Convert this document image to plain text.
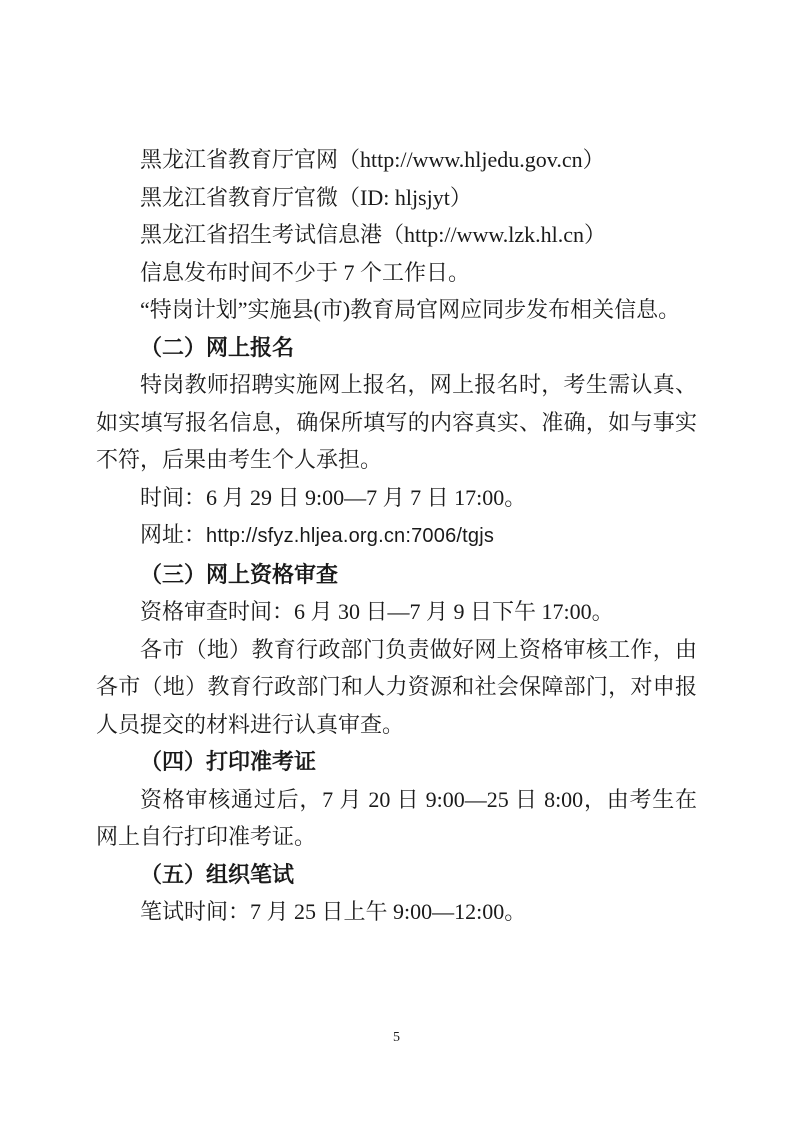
黑龙江省教育厅官网（http://www.hljedu.gov.cn）

黑龙江省教育厅官微（ID: hljsjyt）

黑龙江省招生考试信息港（http://www.lzk.hl.cn）

信息发布时间不少于 7 个工作日。

“特岗计划”实施县(市)教育局官网应同步发布相关信息。

（二）网上报名

特岗教师招聘实施网上报名，网上报名时，考生需认真、如实填写报名信息，确保所填写的内容真实、准确，如与事实不符，后果由考生个人承担。

时间：6 月 29 日 9:00—7 月 7 日 17:00。

网址：http://sfyz.hljea.org.cn:7006/tgjs

（三）网上资格审查

资格审查时间：6 月 30 日—7 月 9 日下午 17:00。

各市（地）教育行政部门负责做好网上资格审核工作，由各市（地）教育行政部门和人力资源和社会保障部门，对申报人员提交的材料进行认真审查。

（四）打印准考证

资格审核通过后，7 月 20 日 9:00—25 日 8:00，由考生在网上自行打印准考证。

（五）组织笔试

笔试时间：7 月 25 日上午 9:00—12:00。

5
